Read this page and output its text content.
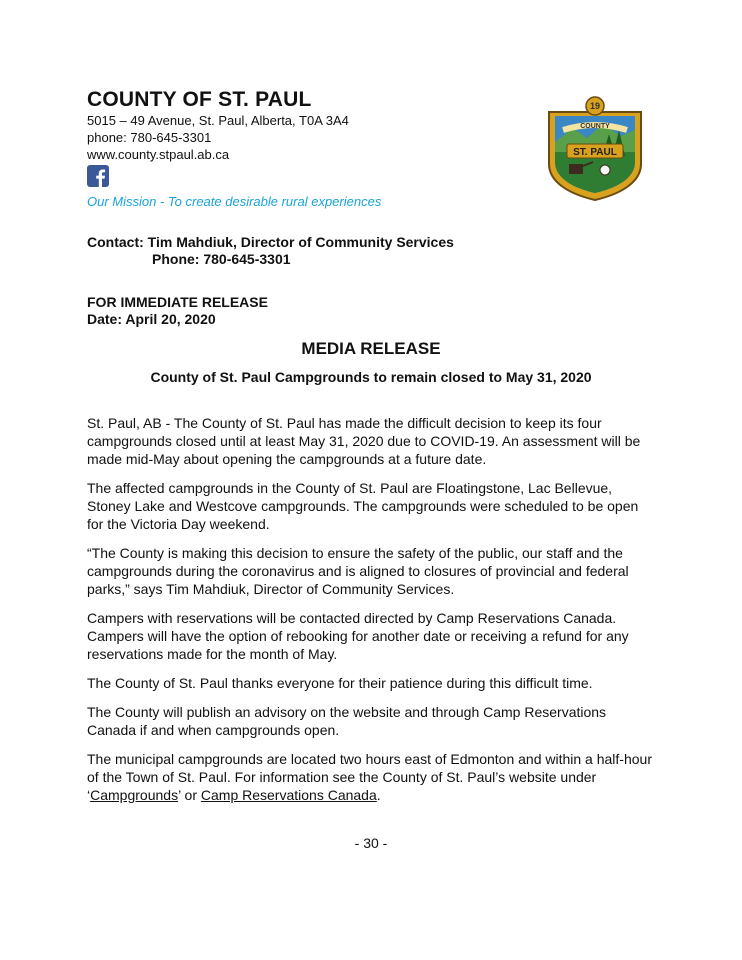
COUNTY OF ST. PAUL
5015 – 49 Avenue, St. Paul, Alberta, T0A 3A4
phone: 780-645-3301
www.county.stpaul.ab.ca
Our Mission - To create desirable rural experiences
COUNTY
19
ST. PAUL
Contact: Tim Mahdiuk, Director of Community Services
Phone: 780-645-3301
FOR IMMEDIATE RELEASE
Date: April 20, 2020
MEDIA RELEASE
County of St. Paul Campgrounds to remain closed to May 31, 2020

St. Paul, AB - The County of St. Paul has made the difficult decision to keep its four campgrounds closed until at least May 31, 2020 due to COVID-19. An assessment will be made mid-May about opening the campgrounds at a future date.

The affected campgrounds in the County of St. Paul are Floatingstone, Lac Bellevue, Stoney Lake and Westcove campgrounds. The campgrounds were scheduled to be open for the Victoria Day weekend.

“The County is making this decision to ensure the safety of the public, our staff and the campgrounds during the coronavirus and is aligned to closures of provincial and federal parks,” says Tim Mahdiuk, Director of Community Services.

Campers with reservations will be contacted directed by Camp Reservations Canada. Campers will have the option of rebooking for another date or receiving a refund for any reservations made for the month of May.

The County of St. Paul thanks everyone for their patience during this difficult time.

The County will publish an advisory on the website and through Camp Reservations Canada if and when campgrounds open.

The municipal campgrounds are located two hours east of Edmonton and within a half-hour of the Town of St. Paul. For information see the County of St. Paul’s website under ‘Campgrounds’ or Camp Reservations Canada.

- 30 -
